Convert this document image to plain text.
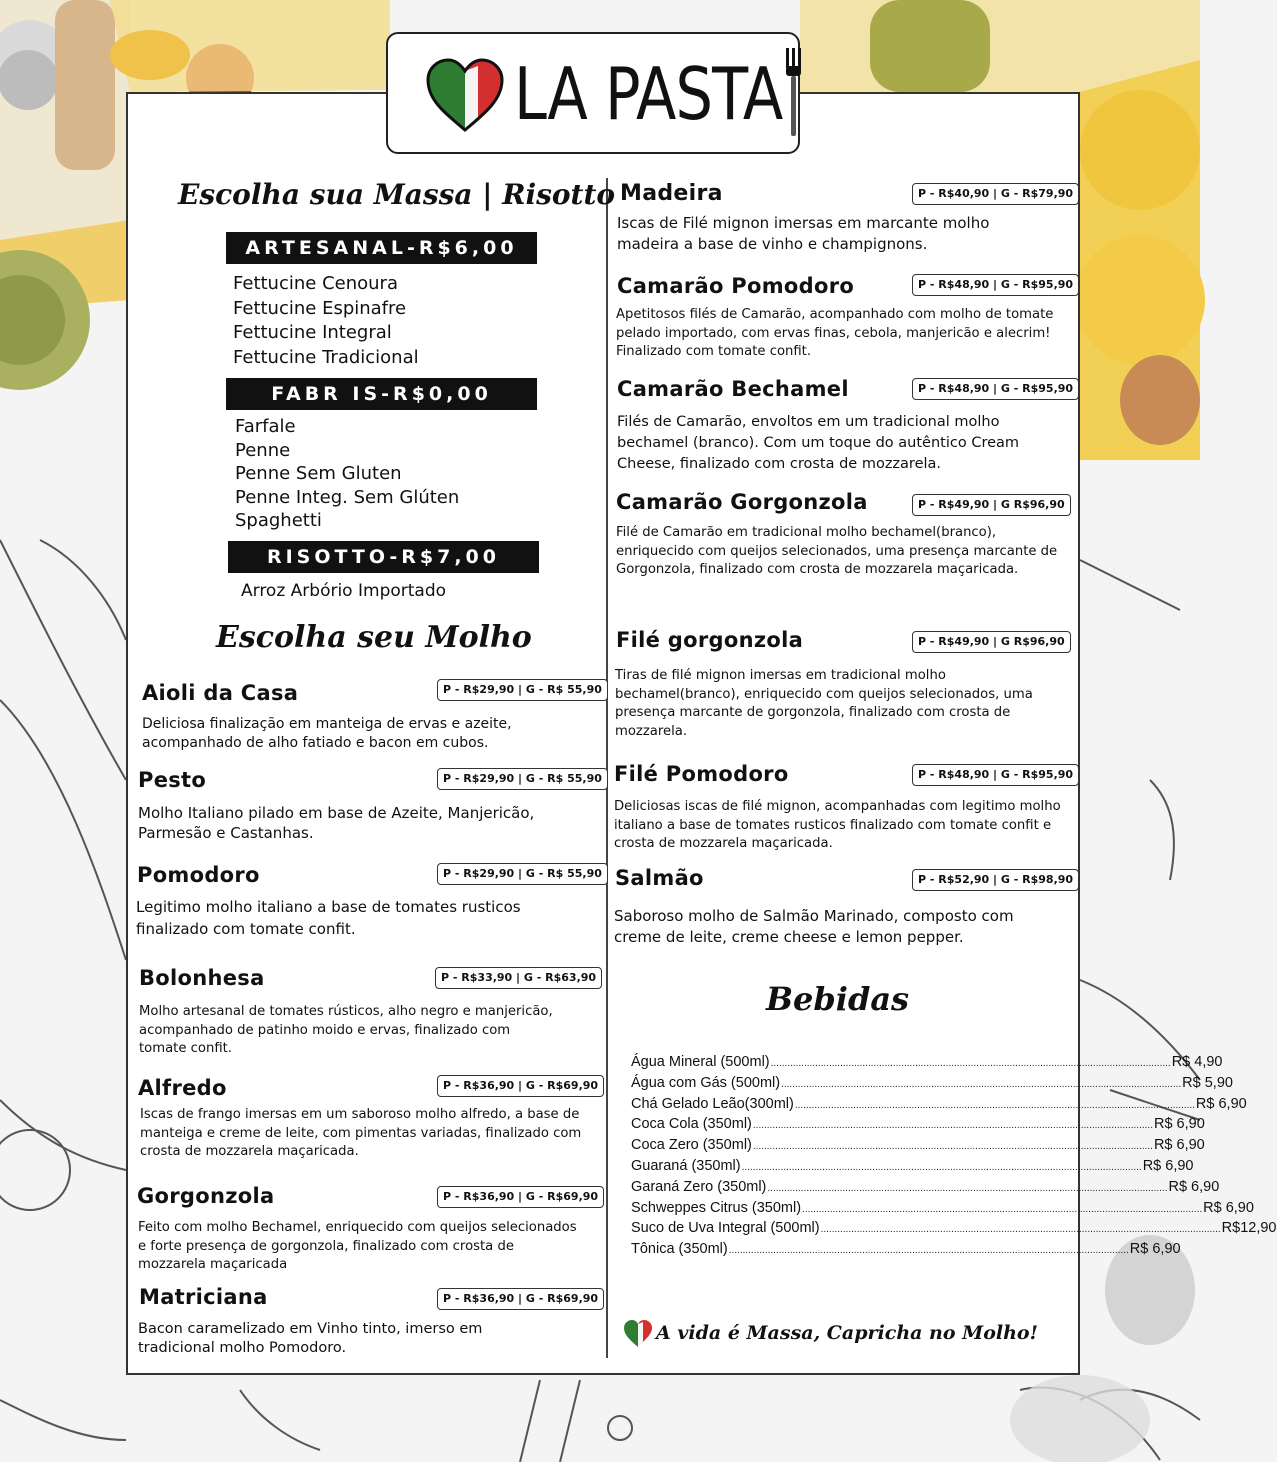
LA PASTA
Escolha sua Massa | Risotto
ARTESANAL-R$6,00
Fettucine Cenoura
Fettucine Espinafre
Fettucine Integral
Fettucine Tradicional
FABR IS-R$0,00
Farfale
Penne
Penne Sem Gluten
Penne Integ. Sem Glúten
Spaghetti
RISOTTO-R$7,00
Arroz Arbório Importado
Escolha seu Molho
Aioli da Casa	P - R$29,90 | G - R$ 55,90
Deliciosa finalização em manteiga de ervas e azeite, acompanhado de alho fatiado e bacon em cubos.
Pesto	P - R$29,90 | G - R$ 55,90
Molho Italiano pilado em base de Azeite, Manjericão, Parmesão e Castanhas.
Pomodoro	P - R$29,90 | G - R$ 55,90
Legitimo molho italiano a base de tomates rusticos finalizado com tomate confit.
Bolonhesa	P - R$33,90 | G - R$63,90
Molho artesanal de tomates rústicos, alho negro e manjericão, acompanhado de patinho moido e ervas, finalizado com tomate confit.
Alfredo	P - R$36,90 | G - R$69,90
Iscas de frango imersas em um saboroso molho alfredo, a base de manteiga e creme de leite, com pimentas variadas, finalizado com crosta de mozzarela maçaricada.
Gorgonzola	P - R$36,90 | G - R$69,90
Feito com molho Bechamel, enriquecido com queijos selecionados e forte presença de gorgonzola, finalizado com crosta de mozzarela maçaricada
Matriciana	P - R$36,90 | G - R$69,90
Bacon caramelizado em Vinho tinto, imerso em tradicional molho Pomodoro.
Madeira	P - R$40,90 | G - R$79,90
Iscas de Filé mignon imersas em marcante molho madeira a base de vinho e champignons.
Camarão Pomodoro	P - R$48,90 | G - R$95,90
Apetitosos filés de Camarão, acompanhado com molho de tomate pelado importado, com ervas finas, cebola, manjericão e alecrim! Finalizado com tomate confit.
Camarão Bechamel	P - R$48,90 | G - R$95,90
Filés de Camarão, envoltos em um tradicional molho bechamel (branco). Com um toque do autêntico Cream Cheese, finalizado com crosta de mozzarela.
Camarão Gorgonzola	P - R$49,90 | G R$96,90
Filé de Camarão em tradicional molho bechamel(branco), enriquecido com queijos selecionados, uma presença marcante de Gorgonzola, finalizado com crosta de mozzarela maçaricada.
Filé gorgonzola	P - R$49,90 | G R$96,90
Tiras de filé mignon imersas em tradicional molho bechamel(branco), enriquecido com queijos selecionados, uma presença marcante de gorgonzola, finalizado com crosta de mozzarela.
Filé Pomodoro	P - R$48,90 | G - R$95,90
Deliciosas iscas de filé mignon, acompanhadas com legitimo molho italiano a base de tomates rusticos finalizado com tomate confit e crosta de mozzarela maçaricada.
Salmão	P - R$52,90 | G - R$98,90
Saboroso molho de Salmão Marinado, composto com creme de leite, creme cheese e lemon pepper.
Bebidas
Água Mineral (500ml) ................................................................................................................................................ R$ 4,90
Água com Gás (500ml) ................................................................................................................................................ R$ 5,90
Chá Gelado Leão(300ml) ................................................................................................................................................ R$ 6,90
Coca Cola (350ml) ................................................................................................................................................ R$ 6,90
Coca Zero (350ml) ................................................................................................................................................ R$ 6,90
Guaraná (350ml) ................................................................................................................................................ R$ 6,90
Garaná Zero (350ml) ................................................................................................................................................ R$ 6,90
Schweppes Citrus (350ml) ................................................................................................................................................ R$ 6,90
Suco de Uva Integral (500ml) ................................................................................................................................................ R$12,90
Tônica (350ml) ................................................................................................................................................ R$ 6,90
A vida é Massa, Capricha no Molho!
